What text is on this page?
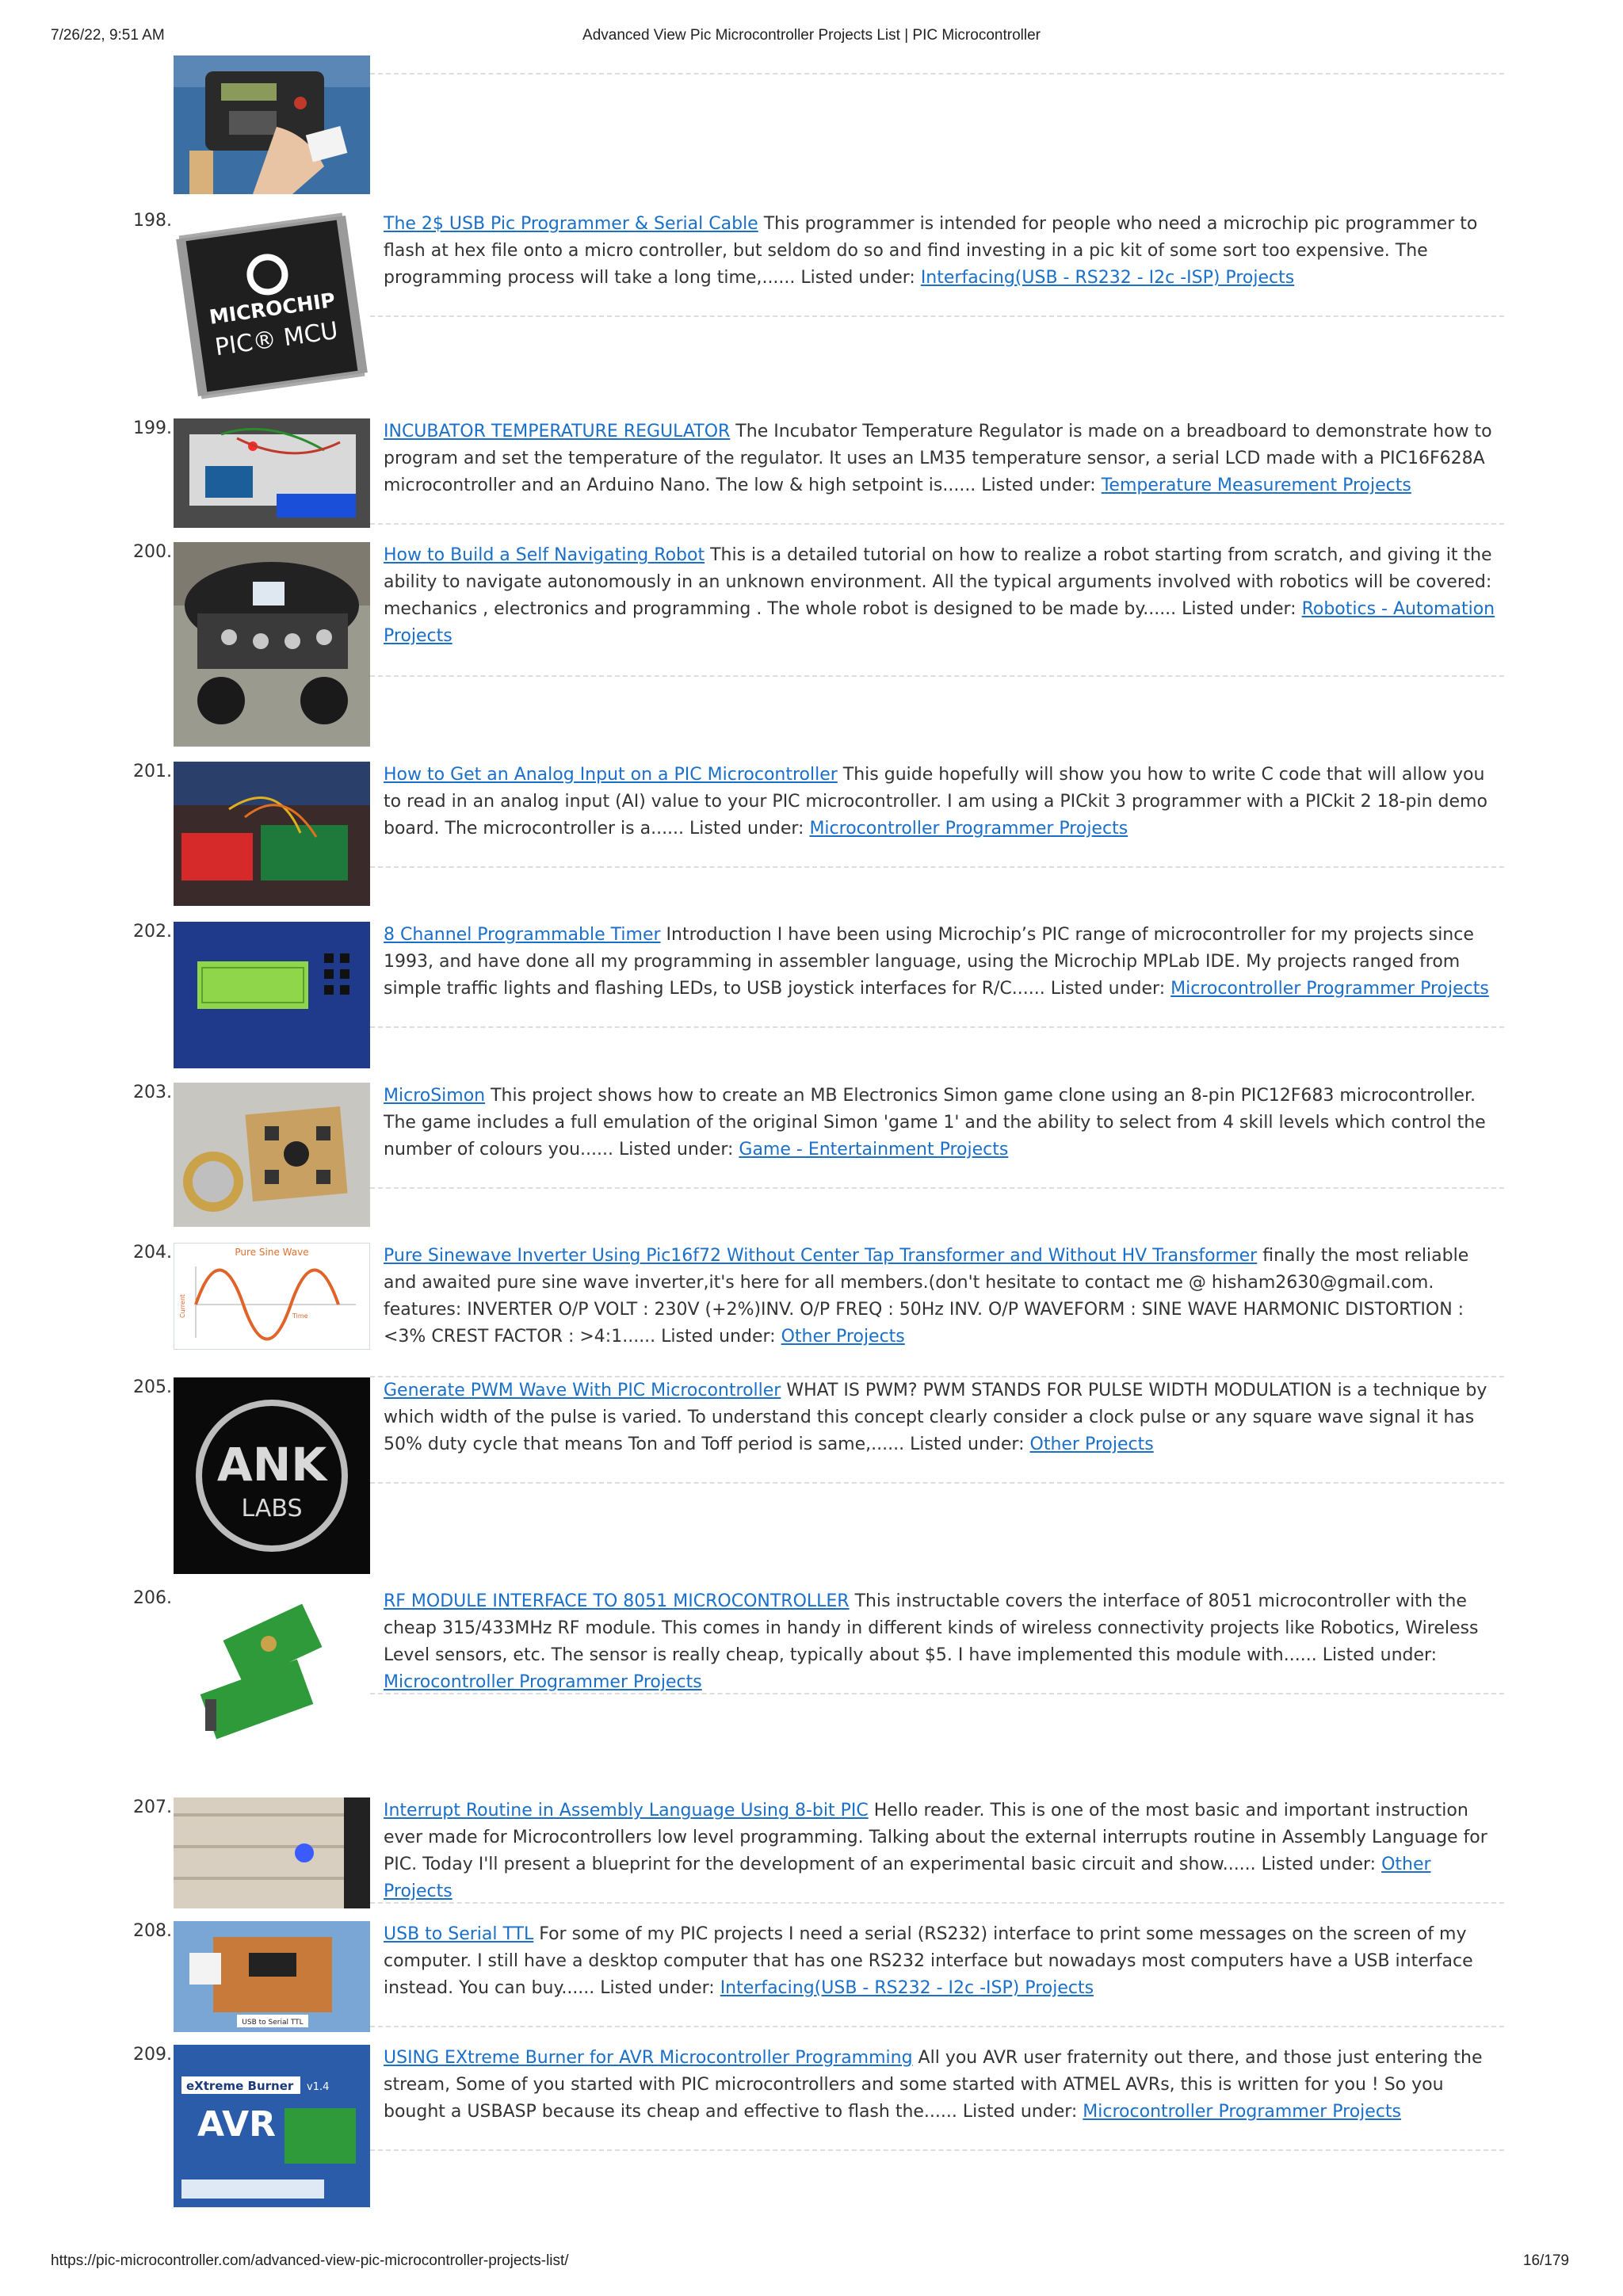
7/26/22, 9:51 AM	Advanced View Pic Microcontroller Projects List | PIC Microcontroller
198.
MICROCHIP
PIC® MCU
The 2$ USB Pic Programmer & Serial Cable This programmer is intended for people who need a microchip pic programmer to flash at hex file onto a micro controller, but seldom do so and find investing in a pic kit of some sort too expensive. The programming process will take a long time,...... Listed under: Interfacing(USB - RS232 - I2c -ISP) Projects
199.	INCUBATOR TEMPERATURE REGULATOR The Incubator Temperature Regulator is made on a breadboard to demonstrate how to program and set the temperature of the regulator. It uses an LM35 temperature sensor, a serial LCD made with a PIC16F628A microcontroller and an Arduino Nano. The low & high setpoint is...... Listed under: Temperature Measurement Projects
200.	How to Build a Self Navigating Robot This is a detailed tutorial on how to realize a robot starting from scratch, and giving it the ability to navigate autonomously in an unknown environment. All the typical arguments involved with robotics will be covered: mechanics , electronics and programming . The whole robot is designed to be made by...... Listed under: Robotics - Automation Projects
201.	How to Get an Analog Input on a PIC Microcontroller This guide hopefully will show you how to write C code that will allow you to read in an analog input (AI) value to your PIC microcontroller. I am using a PICkit 3 programmer with a PICkit 2 18-pin demo board. The microcontroller is a...... Listed under: Microcontroller Programmer Projects
202.	8 Channel Programmable Timer Introduction I have been using Microchip’s PIC range of microcontroller for my projects since 1993, and have done all my programming in assembler language, using the Microchip MPLab IDE. My projects ranged from simple traffic lights and flashing LEDs, to USB joystick interfaces for R/C...... Listed under: Microcontroller Programmer Projects
203.	MicroSimon This project shows how to create an MB Electronics Simon game clone using an 8-pin PIC12F683 microcontroller. The game includes a full emulation of the original Simon 'game 1' and the ability to select from 4 skill levels which control the number of colours you...... Listed under: Game - Entertainment Projects
204.	Pure Sine Wave
Current	Time
Pure Sinewave Inverter Using Pic16f72 Without Center Tap Transformer and Without HV Transformer finally the most reliable and awaited pure sine wave inverter,it's here for all members.(don't hesitate to contact me @ hisham2630@gmail.com. features: INVERTER O/P VOLT : 230V (+2%)INV. O/P FREQ : 50Hz INV. O/P WAVEFORM : SINE WAVE HARMONIC DISTORTION : <3% CREST FACTOR : >4:1...... Listed under: Other Projects
205.
ANK
LABS
Generate PWM Wave With PIC Microcontroller WHAT IS PWM? PWM STANDS FOR PULSE WIDTH MODULATION is a technique by which width of the pulse is varied. To understand this concept clearly consider a clock pulse or any square wave signal it has 50% duty cycle that means Ton and Toff period is same,...... Listed under: Other Projects
206.	RF MODULE INTERFACE TO 8051 MICROCONTROLLER This instructable covers the interface of 8051 microcontroller with the cheap 315/433MHz RF module. This comes in handy in different kinds of wireless connectivity projects like Robotics, Wireless Level sensors, etc. The sensor is really cheap, typically about $5. I have implemented this module with...... Listed under: Microcontroller Programmer Projects
207.	Interrupt Routine in Assembly Language Using 8-bit PIC Hello reader. This is one of the most basic and important instruction ever made for Microcontrollers low level programming. Talking about the external interrupts routine in Assembly Language for PIC. Today I'll present a blueprint for the development of an experimental basic circuit and show...... Listed under: Other Projects
208.
USB to Serial TTL
USB to Serial TTL For some of my PIC projects I need a serial (RS232) interface to print some messages on the screen of my computer. I still have a desktop computer that has one RS232 interface but nowadays most computers have a USB interface instead. You can buy...... Listed under: Interfacing(USB - RS232 - I2c -ISP) Projects
209.
eXtreme Burner v1.4
AVR
USING EXtreme Burner for AVR Microcontroller Programming All you AVR user fraternity out there, and those just entering the stream, Some of you started with PIC microcontrollers and some started with ATMEL AVRs, this is written for you ! So you bought a USBASP because its cheap and effective to flash the...... Listed under: Microcontroller Programmer Projects
https://pic-microcontroller.com/advanced-view-pic-microcontroller-projects-list/	16/179
